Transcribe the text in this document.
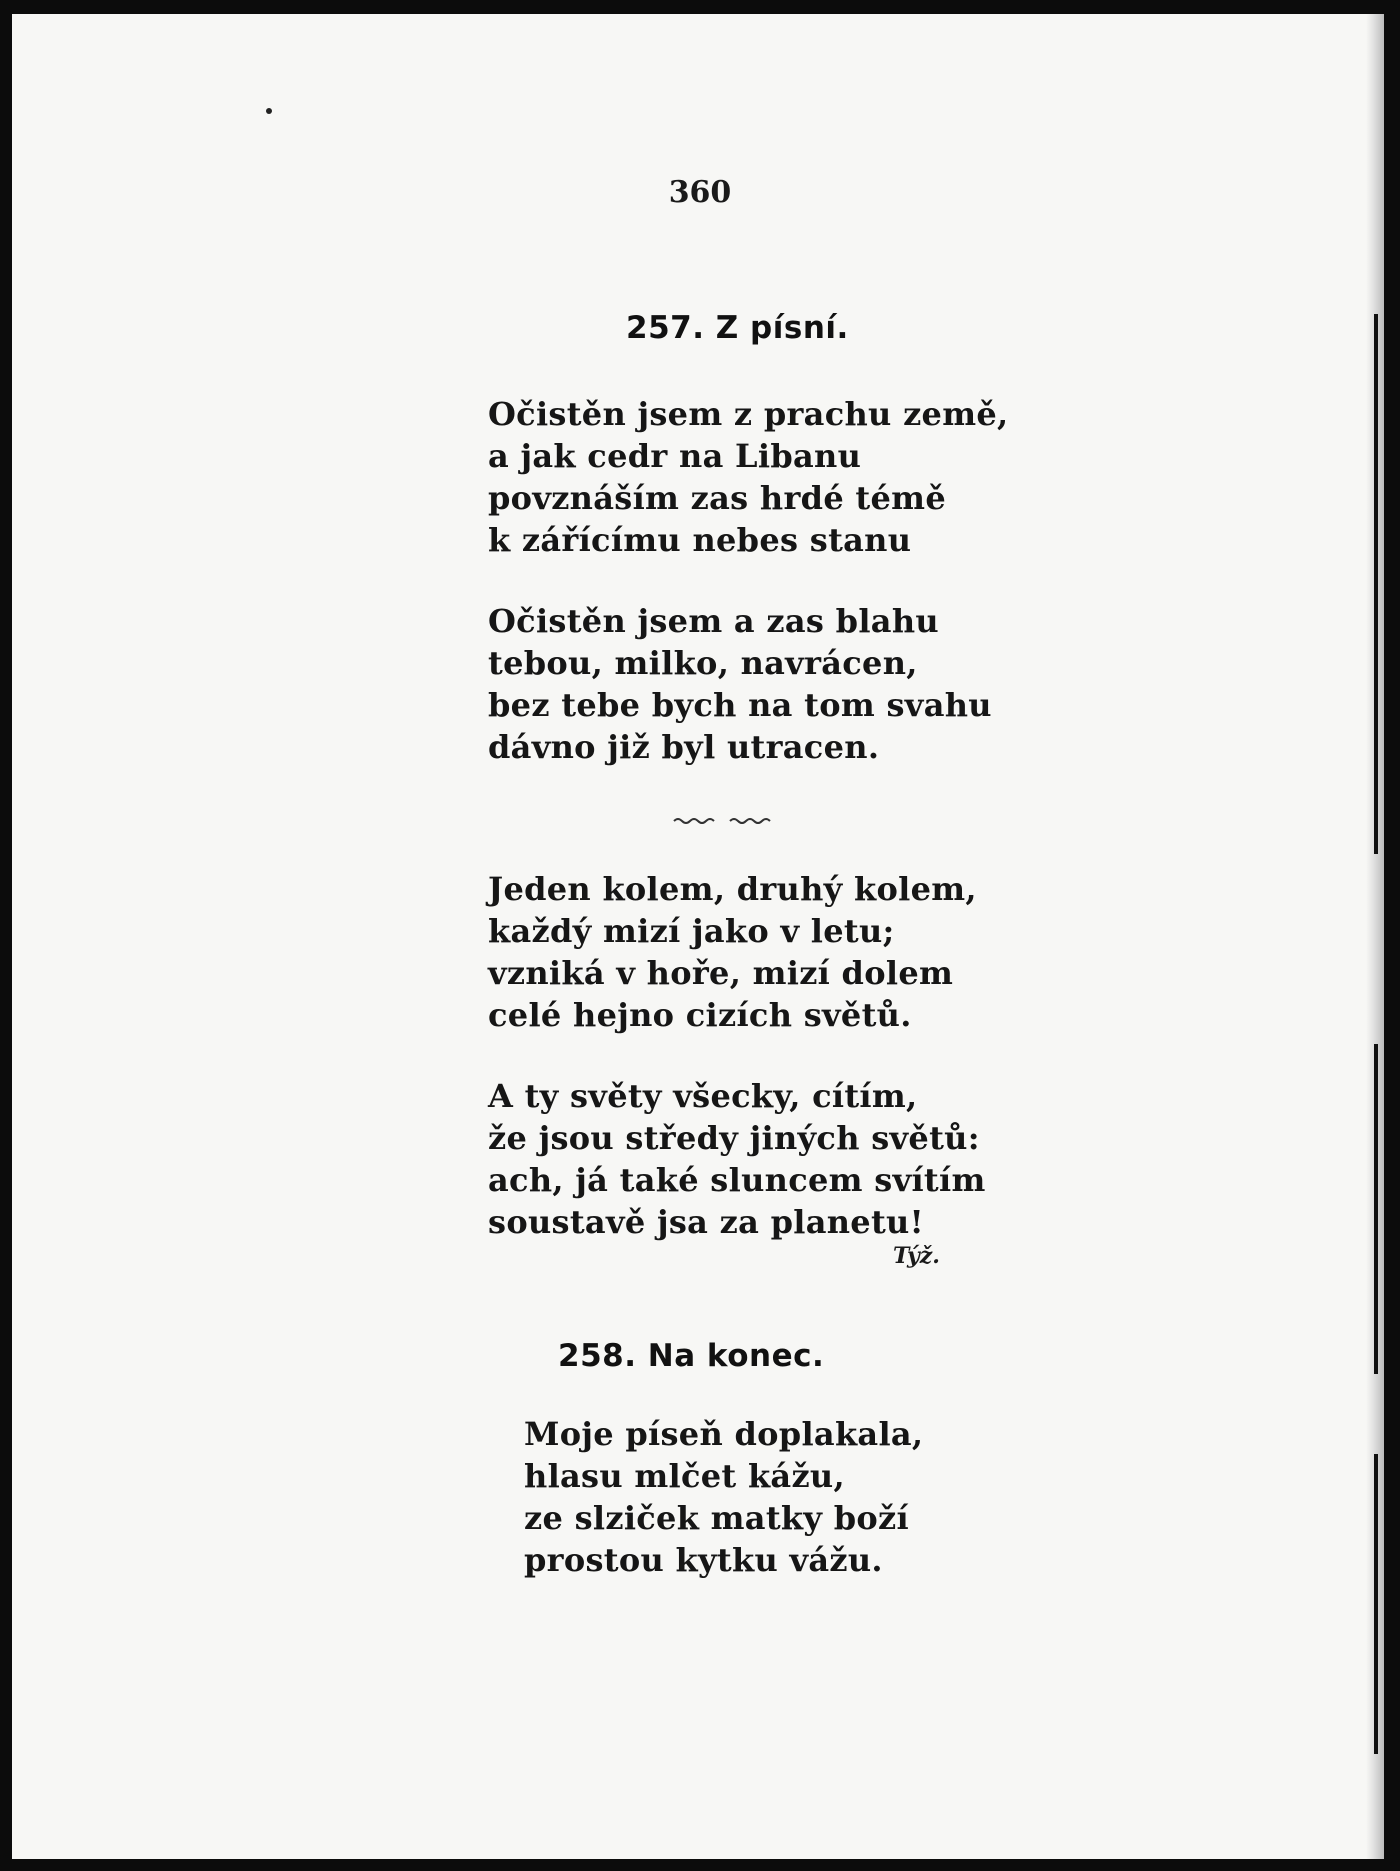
360
257. Z písní.
Očistěn jsem z prachu země,
a jak cedr na Libanu
povznáším zas hrdé témě
k zářícímu nebes stanu
Očistěn jsem a zas blahu
tebou, milko, navrácen,
bez tebe bych na tom svahu
dávno již byl utracen.
Jeden kolem, druhý kolem,
každý mizí jako v letu;
vzniká v hoře, mizí dolem
celé hejno cizích světů.
A ty světy všecky, cítím,
že jsou středy jiných světů:
ach, já také sluncem svítím
soustavě jsa za planetu!
Týž.
258. Na konec.
Moje píseň doplakala,
hlasu mlčet kážu,
ze slziček matky boží
prostou kytku vážu.
